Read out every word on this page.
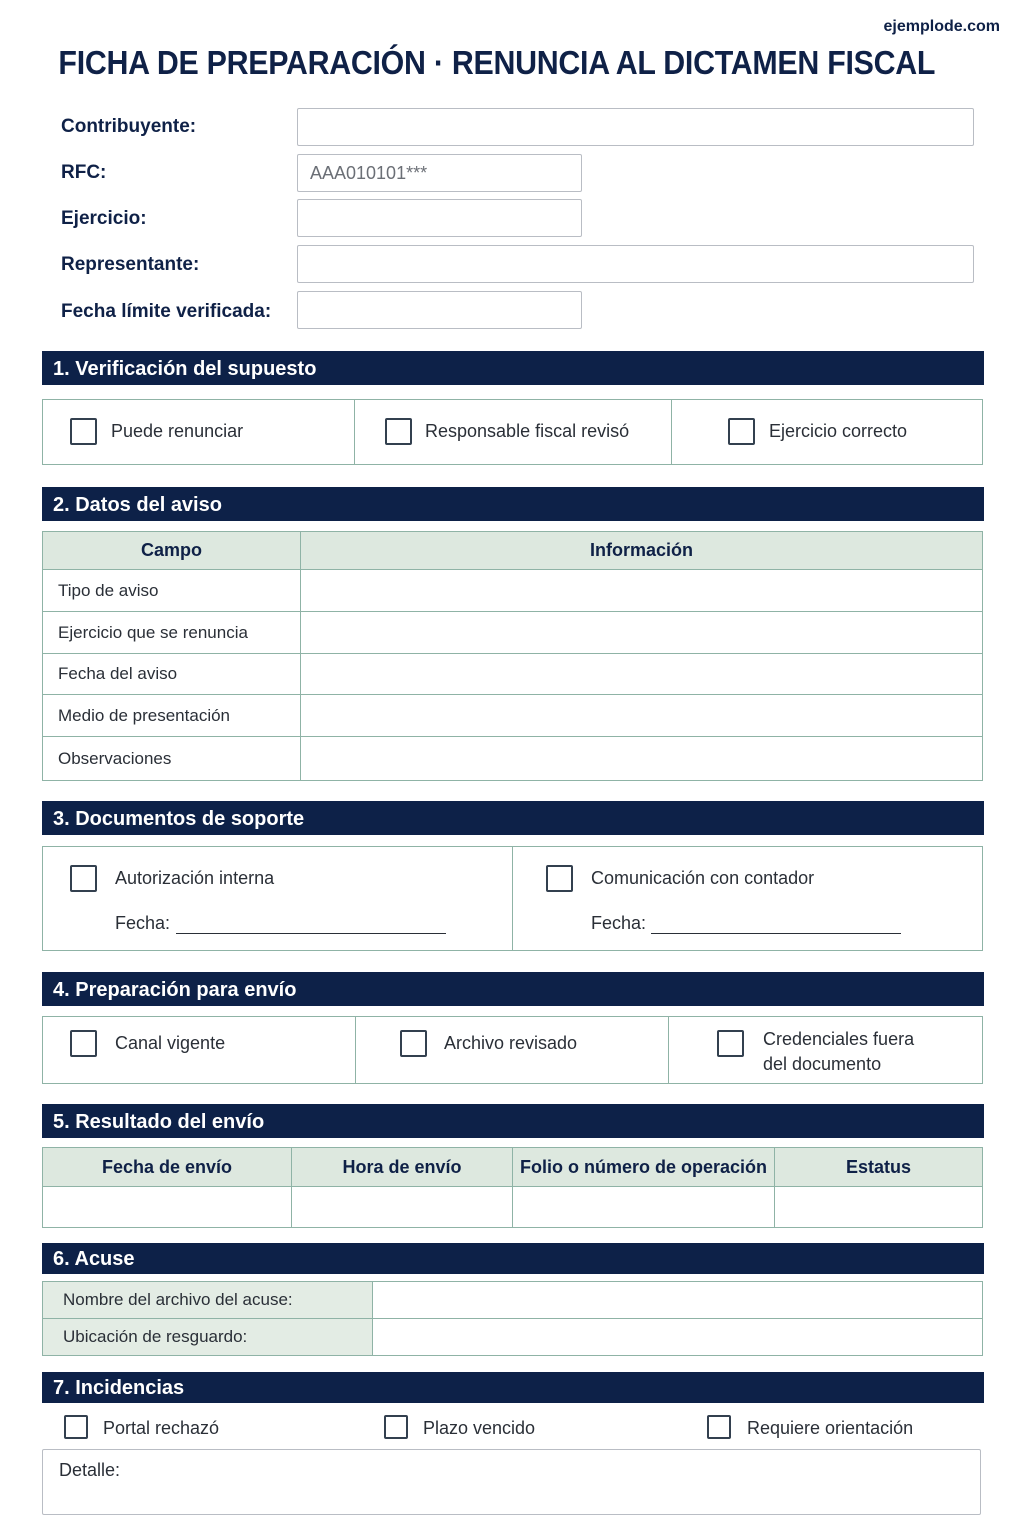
ejemplode.com
FICHA DE PREPARACIÓN · RENUNCIA AL DICTAMEN FISCAL
Contribuyente:
RFC:	AAA010101***
Ejercicio:
Representante:
Fecha límite verificada:
1. Verificación del supuesto
Puede renunciar	Responsable fiscal revisó	Ejercicio correcto
2. Datos del aviso
Campo	Información
Tipo de aviso	
Ejercicio que se renuncia	
Fecha del aviso	
Medio de presentación	
Observaciones	
3. Documentos de soporte
Autorización interna
Fecha:
Comunicación con contador
Fecha:
4. Preparación para envío
Canal vigente	Archivo revisado	Credenciales fuera
del documento
5. Resultado del envío
Fecha de envío	Hora de envío	Folio o número de operación	Estatus

6. Acuse
Nombre del archivo del acuse:	
Ubicación de resguardo:	
7. Incidencias
Portal rechazó	Plazo vencido	Requiere orientación
Detalle:
